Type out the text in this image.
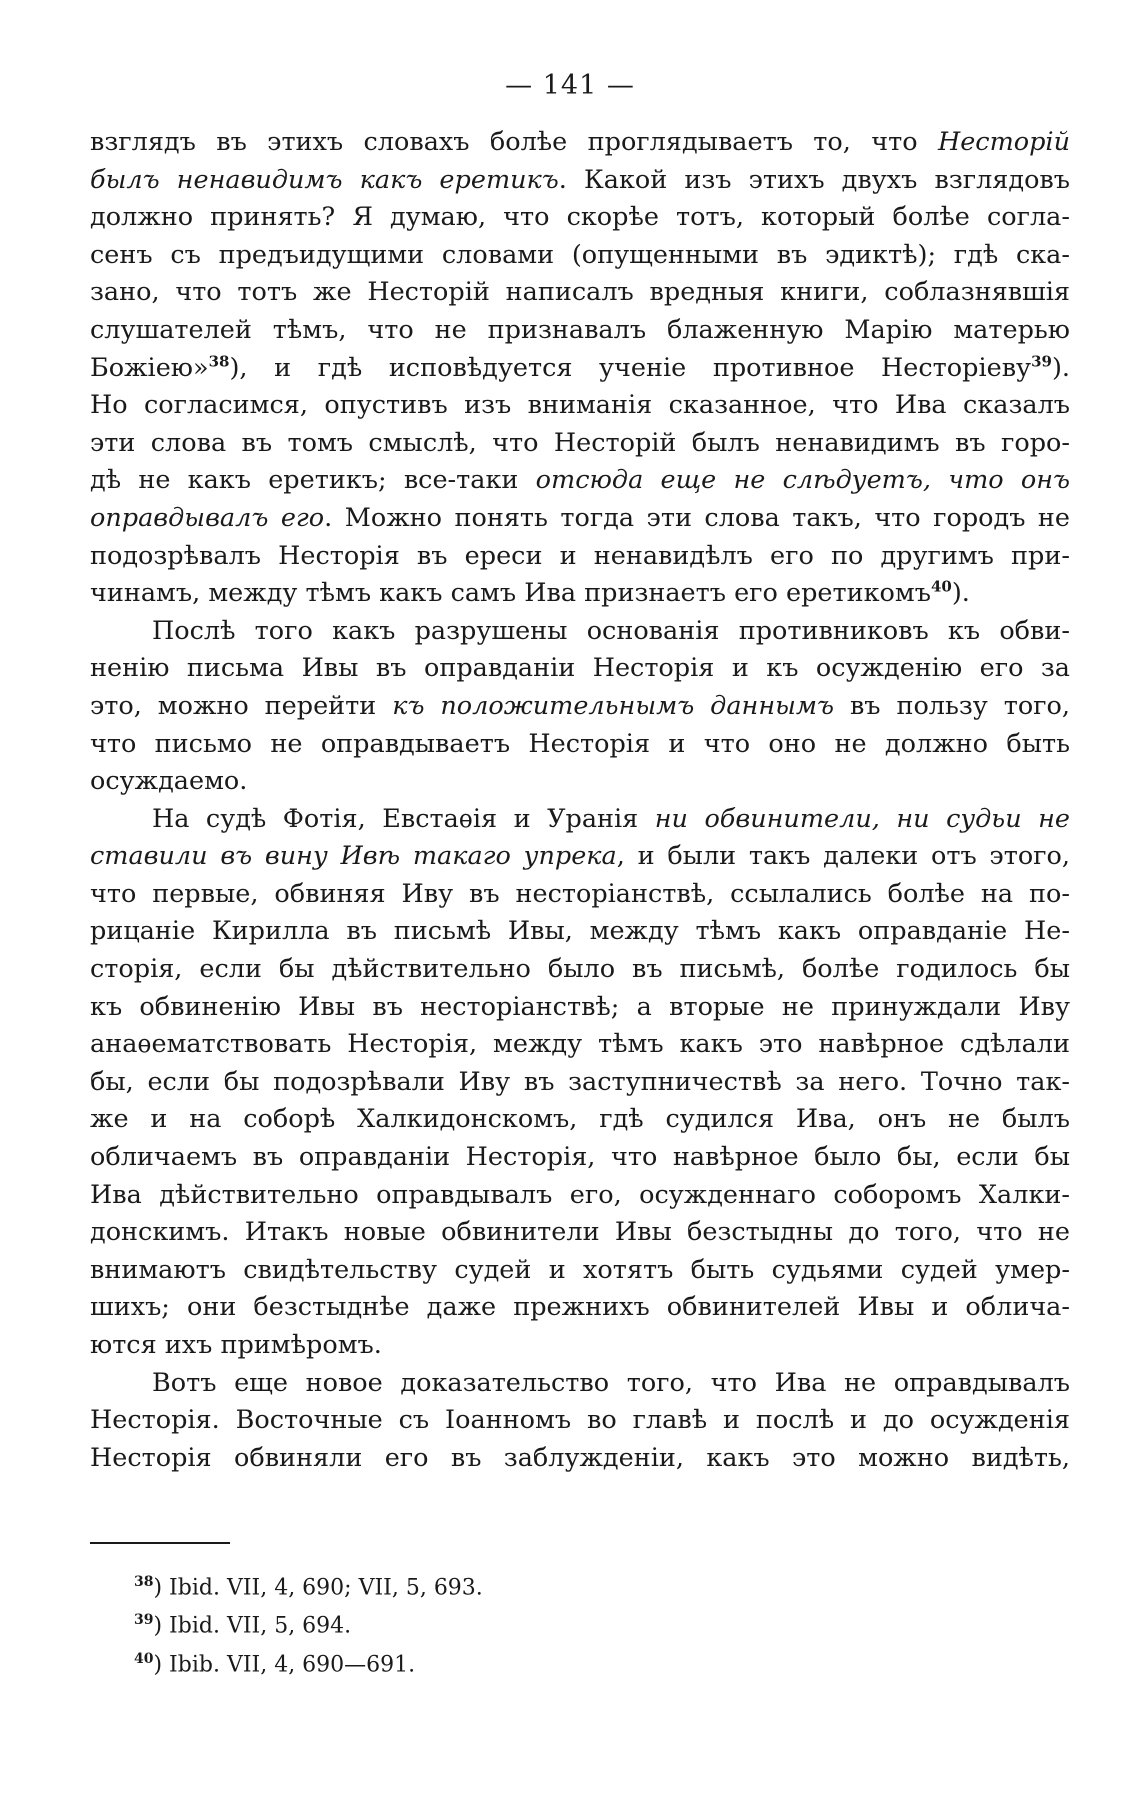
— 141 —
взглядъ въ этихъ словахъ болѣе проглядываетъ то, что Несторій
былъ ненавидимъ какъ еретикъ. Какой изъ этихъ двухъ взглядовъ
должно принять? Я думаю, что скорѣе тотъ, который болѣе согла-
сенъ съ предъидущими словами (опущенными въ эдиктѣ); гдѣ ска-
зано, что тотъ же Несторій написалъ вредныя книги, соблазнявшія
слушателей тѣмъ, что не признавалъ блаженную Марію матерью
Божіею»$^{38}$), и гдѣ исповѣдуется ученіе противное Несторіеву$^{39}$).
Но согласимся, опустивъ изъ вниманія сказанное, что Ива сказалъ
эти слова въ томъ смыслѣ, что Несторій былъ ненавидимъ въ горо-
дѣ не какъ еретикъ; все-таки отсюда еще не слѣдуетъ, что онъ
оправдывалъ его. Можно понять тогда эти слова такъ, что городъ не
подозрѣвалъ Несторія въ ереси и ненавидѣлъ его по другимъ при-
чинамъ, между тѣмъ какъ самъ Ива признаетъ его еретикомъ$^{40}$).
Послѣ того какъ разрушены основанія противниковъ къ обви-
ненію письма Ивы въ оправданіи Несторія и къ осужденію его за
это, можно перейти къ положительнымъ даннымъ въ пользу того,
что письмо не оправдываетъ Несторія и что оно не должно быть
осуждаемо.
На судѣ Фотія, Евстаѳія и Уранія ни обвинители, ни судьи не
ставили въ вину Ивѣ такаго упрека, и были такъ далеки отъ этого,
что первые, обвиняя Иву въ несторіанствѣ, ссылались болѣе на по-
рицаніе Кирилла въ письмѣ Ивы, между тѣмъ какъ оправданіе Не-
сторія, если бы дѣйствительно было въ письмѣ, болѣе годилось бы
къ обвиненію Ивы въ несторіанствѣ; а вторые не принуждали Иву
анаѳематствовать Несторія, между тѣмъ какъ это навѣрное сдѣлали
бы, если бы подозрѣвали Иву въ заступничествѣ за него. Точно так-
же и на соборѣ Халкидонскомъ, гдѣ судился Ива, онъ не былъ
обличаемъ въ оправданіи Несторія, что навѣрное было бы, если бы
Ива дѣйствительно оправдывалъ его, осужденнаго соборомъ Халки-
донскимъ. Итакъ новые обвинители Ивы безстыдны до того, что не
внимаютъ свидѣтельству судей и хотятъ быть судьями судей умер-
шихъ; они безстыднѣе даже прежнихъ обвинителей Ивы и облича-
ются ихъ примѣромъ.
Вотъ еще новое доказательство того, что Ива не оправдывалъ
Несторія. Восточные съ Іоанномъ во главѣ и послѣ и до осужденія
Несторія обвиняли его въ заблужденіи, какъ это можно видѣть,
$^{38}$) Ibid. VII, 4, 690; VII, 5, 693.
$^{39}$) Ibid. VII, 5, 694.
$^{40}$) Ibib. VII, 4, 690—691.
